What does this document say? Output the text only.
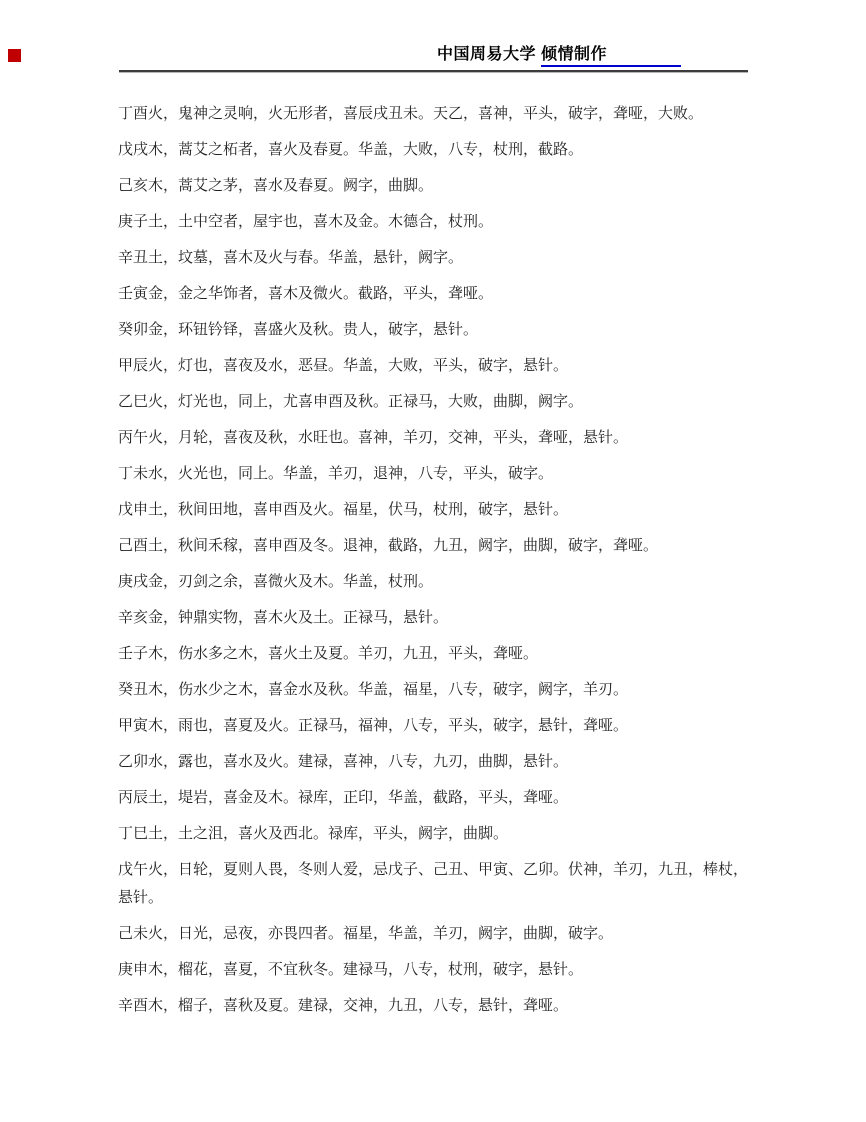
中国周易大学 倾情制作

丁酉火，鬼神之灵响，火无形者，喜辰戌丑未。天乙，喜神，平头，破字，聋哑，大败。

戊戌木，蒿艾之柘者，喜火及春夏。华盖，大败，八专，杖刑，截路。

己亥木，蒿艾之茅，喜水及春夏。阙字，曲脚。

庚子土，土中空者，屋宇也，喜木及金。木德合，杖刑。

辛丑土，坟墓，喜木及火与春。华盖，悬针，阙字。

壬寅金，金之华饰者，喜木及微火。截路，平头，聋哑。

癸卯金，环钮钤铎，喜盛火及秋。贵人，破字，悬针。

甲辰火，灯也，喜夜及水，恶昼。华盖，大败，平头，破字，悬针。

乙巳火，灯光也，同上，尤喜申酉及秋。正禄马，大败，曲脚，阙字。

丙午火，月轮，喜夜及秋，水旺也。喜神，羊刃，交神，平头，聋哑，悬针。

丁未水，火光也，同上。华盖，羊刃，退神，八专，平头，破字。

戊申土，秋间田地，喜申酉及火。福星，伏马，杖刑，破字，悬针。

己酉土，秋间禾稼，喜申酉及冬。退神，截路，九丑，阙字，曲脚，破字，聋哑。

庚戌金，刃剑之余，喜微火及木。华盖，杖刑。

辛亥金，钟鼎实物，喜木火及土。正禄马，悬针。

壬子木，伤水多之木，喜火土及夏。羊刃，九丑，平头，聋哑。

癸丑木，伤水少之木，喜金水及秋。华盖，福星，八专，破字，阙字，羊刃。

甲寅木，雨也，喜夏及火。正禄马，福神，八专，平头，破字，悬针，聋哑。

乙卯水，露也，喜水及火。建禄，喜神，八专，九刃，曲脚，悬针。

丙辰土，堤岩，喜金及木。禄库，正印，华盖，截路，平头，聋哑。

丁巳土，土之沮，喜火及西北。禄库，平头，阙字，曲脚。

戊午火，日轮，夏则人畏，冬则人爱，忌戊子、己丑、甲寅、乙卯。伏神，羊刃，九丑，棒杖，悬针。

己未火，日光，忌夜，亦畏四者。福星，华盖，羊刃，阙字，曲脚，破字。

庚申木，榴花，喜夏，不宜秋冬。建禄马，八专，杖刑，破字，悬针。

辛酉木，榴子，喜秋及夏。建禄，交神，九丑，八专，悬针，聋哑。
